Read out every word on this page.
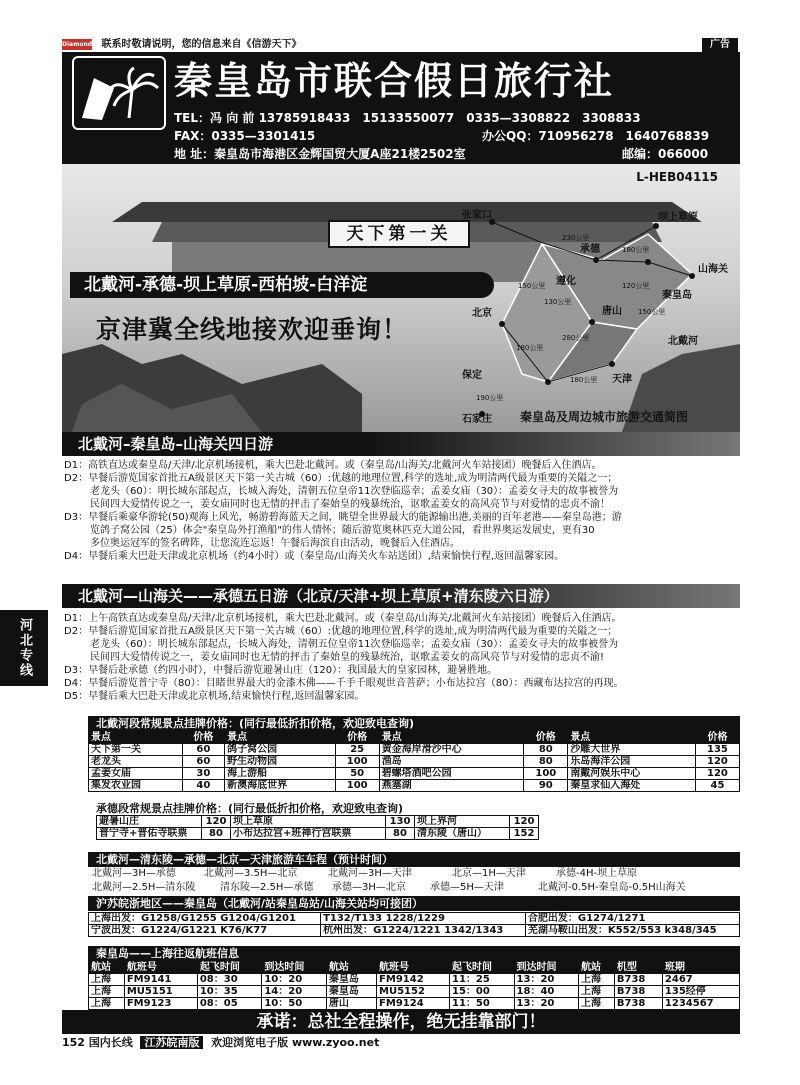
Diamond 联系时敬请说明，您的信息来自《信游天下》	广告
秦皇岛市联合假日旅行社
TEL：冯 向 前 13785918433　15133550077　0335—3308822　3308833
FAX：0335—3301415	办公QQ：710956278　1640768839
地 址：秦皇岛市海港区金辉国贸大厦A座21楼2502室	邮编：066000
天下第一关
L-HEB04115
北戴河-承德-坝上草原-西柏坡-白洋淀
京津冀全线地接欢迎垂询！
坝上草原
张家口
承德
山海关
遵化
秦皇岛
北京
北戴河
唐山
保定	天津
石家庄
230公里
180公里
150公里
130公里
120公里
150公里
180公里
280公里
180公里
190公里
秦皇岛及周边城市旅游交通简图
北戴河–秦皇岛–山海关四日游

D1：高铁直达或秦皇岛/天津/北京机场接机，乘大巴赴北戴河。或（秦皇岛/山海关/北戴河火车站接团）晚餐后入住酒店。

D2：早餐后游览国家首批五A级景区天下第一关古城（60）:优越的地理位置,科学的选址,成为明清两代最为重要的关隘之一；

老龙头（60）：明长城东部起点，长城入海处，清朝五位皇帝11次登临巡幸；孟姜女庙（30）：孟姜女寻夫的故事被誉为

民间四大爱情传说之一，姜女庙同时也无情的抨击了秦始皇的残暴统治，讴歌孟姜女的高风亮节与对爱情的忠贞不渝！

D3：早餐后乘豪华游轮(50)观海上风光，畅游碧海蓝天之间，眺望全世界最大的能源输出港,美丽的百年老港——秦皇岛港；游

览鸽子窝公园（25）体会"秦皇岛外打渔船"的伟人情怀；随后游览奥林匹克大道公园，看世界奥运发展史，更有30

多位奥运冠军的签名碑阵，让您流连忘返！午餐后海滨自由活动，晚餐后入住酒店。

D4：早餐后乘大巴赴天津或北京机场（约4小时）或（秦皇岛/山海关火车站送团）,结束愉快行程,返回温馨家园。

河北专线
北戴河—山海关——承德五日游（北京/天津+坝上草原+清东陵六日游）

D1：上午高铁直达或秦皇岛/天津/北京机场接机，乘大巴赴北戴河。或（秦皇岛/山海关/北戴河火车站接团）晚餐后入住酒店。

D2：早餐后游览国家首批五A级景区天下第一关古城（60）:优越的地理位置,科学的选址,成为明清两代最为重要的关隘之一；

老龙头（60）：明长城东部起点，长城入海处，清朝五位皇帝11次登临巡幸；孟姜女庙（30）：孟姜女寻夫的故事被誉为

民间四大爱情传说之一，姜女庙同时也无情的抨击了秦始皇的残暴统治，讴歌孟姜女的高风亮节与对爱情的忠贞不渝!

D3：早餐后赴承德（约四小时），中餐后游览避暑山庄（120）：我国最大的皇家园林，避暑胜地。

D4：早餐后游览普宁寺（80）：目睹世界最大的金漆木佛——千手千眼观世音菩萨；小布达拉宫（80）：西藏布达拉宫的再现。

D5：早餐后乘大巴赴天津或北京机场,结束愉快行程,返回温馨家园。

北戴河段常规景点挂牌价格：(同行最低折扣价格，欢迎致电查询)
景点	价格	景点	价格	景点	价格	景点	价格
天下第一关	60	鸽子窝公园	25	黄金海岸滑沙中心	80	沙雕大世界	135
老龙头	60	野生动物园	100	渔岛	80	乐岛海洋公园	120
孟姜女庙	30	海上游船	50	碧螺塔酒吧公园	100	南戴河娱乐中心	120
集发农业园	40	新澳海底世界	100	燕塞湖	90	秦皇求仙入海处	45
承德段常规景点挂牌价格：(同行最低折扣价格，欢迎致电查询)
避暑山庄	120	坝上草原	130	坝上界河	120
普宁寺+普佑寺联票	80	小布达拉宫+班禅行宫联票	80	清东陵（唐山）	152
北戴河—清东陵—承德—北京—天津旅游车车程（预计时间）
北戴河—3H—承德	北戴河—3.5H—北京	北戴河—3H—天津	北京—1H—天津	承德-4H-坝上草原
北戴河—2.5H—清东陵 清东陵—2.5H—承德 承德—3H—北京 承德—5H—天津	北戴河-0.5H-秦皇岛-0.5H山海关
沪苏皖浙地区——秦皇岛（北戴河/站秦皇岛站/山海关站均可接团）
上海出发：G1258/G1255 G1204/G1201	T132/T133 1228/1229	合肥出发：G1274/1271
宁波出发：G1224/G1221 K76/K77	杭州出发：G1224/1221 1342/1343	芜湖马鞍山出发：K552/553 k348/345
秦皇岛——上海往返航班信息
航站	航班号	起飞时间	到达时间	航站	航班号	起飞时间	到达时间	航站	机型	班期
上海	FM9141	08：30	10：20	秦皇岛	FM9142	11：25	13：20	上海	B738	2467
上海	MU5151	10：35	14：20	秦皇岛	MU5152	15：00	18：40	上海	B738	135经停
上海	FM9123	08：05	10：50	唐山	FM9124	11：50	13：20	上海	B738	1234567
承诺：总社全程操作，绝无挂靠部门！
152 国内长线 江苏皖南版 欢迎浏览电子版 www.zyoo.net
